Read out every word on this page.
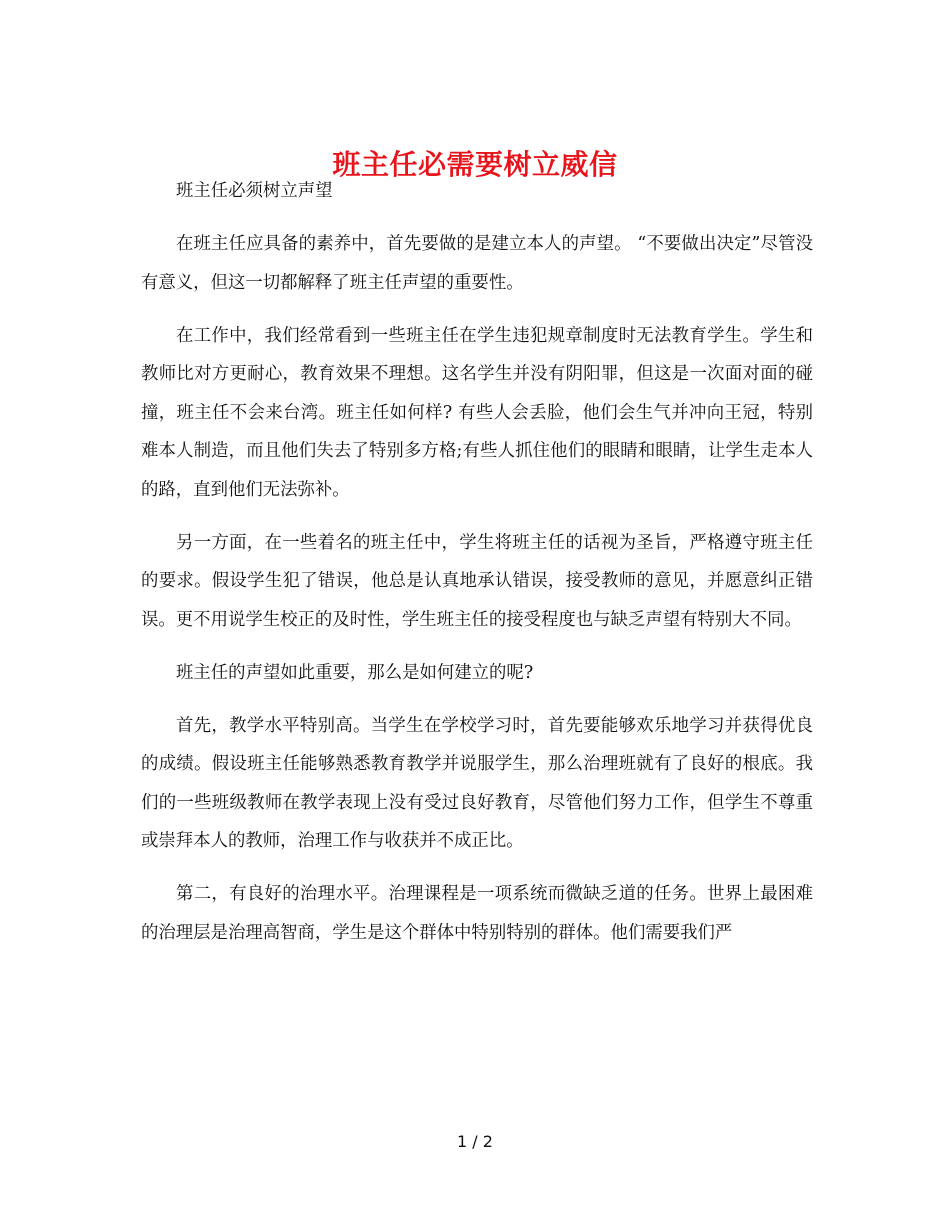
班主任必需要树立威信

班主任必须树立声望

在班主任应具备的素养中，首先要做的是建立本人的声望。 “不要做出决定”尽管没有意义，但这一切都解释了班主任声望的重要性。

在工作中，我们经常看到一些班主任在学生违犯规章制度时无法教育学生。学生和教师比对方更耐心，教育效果不理想。这名学生并没有阴阳罪，但这是一次面对面的碰撞，班主任不会来台湾。班主任如何样? 有些人会丢脸，他们会生气并冲向王冠，特别难本人制造，而且他们失去了特别多方格;有些人抓住他们的眼睛和眼睛，让学生走本人的路，直到他们无法弥补。

另一方面，在一些着名的班主任中，学生将班主任的话视为圣旨，严格遵守班主任的要求。假设学生犯了错误，他总是认真地承认错误，接受教师的意见，并愿意纠正错误。更不用说学生校正的及时性，学生班主任的接受程度也与缺乏声望有特别大不同。

班主任的声望如此重要，那么是如何建立的呢?

首先，教学水平特别高。当学生在学校学习时，首先要能够欢乐地学习并获得优良的成绩。假设班主任能够熟悉教育教学并说服学生，那么治理班就有了良好的根底。我们的一些班级教师在教学表现上没有受过良好教育，尽管他们努力工作，但学生不尊重或崇拜本人的教师，治理工作与收获并不成正比。

第二，有良好的治理水平。治理课程是一项系统而微缺乏道的任务。世界上最困难的治理层是治理高智商，学生是这个群体中特别特别的群体。他们需要我们严

1 / 2
